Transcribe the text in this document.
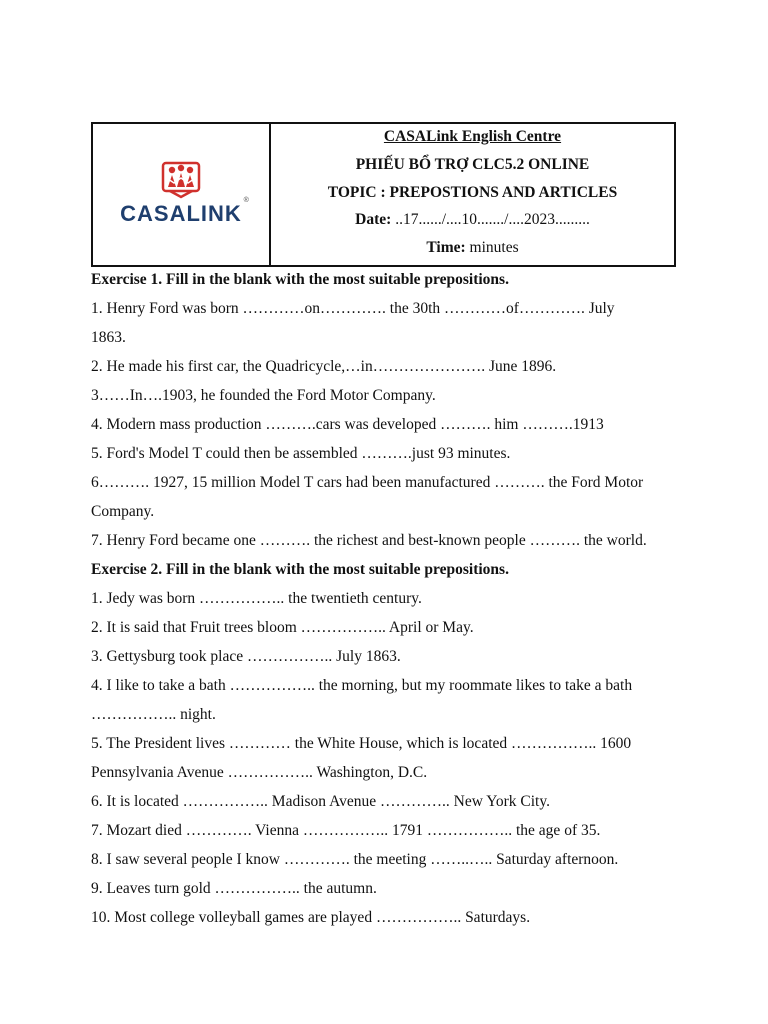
CASALINK
®
CASALink English Centre
PHIẾU BỔ TRỢ CLC5.2 ONLINE
TOPIC : PREPOSTIONS AND ARTICLES
Date: ..17....../....10......./....2023.........
Time: minutes
Exercise 1. Fill in the blank with the most suitable prepositions.
1. Henry Ford was born …………on…………. the 30th …………of…………. July
1863.
2. He made his first car, the Quadricycle,…in…………………. June 1896.
3……In….1903, he founded the Ford Motor Company.
4. Modern mass production ……….cars was developed ………. him ……….1913
5. Ford's Model T could then be assembled ……….just 93 minutes.
6………. 1927, 15 million Model T cars had been manufactured ………. the Ford Motor
Company.
7. Henry Ford became one ………. the richest and best-known people ………. the world.
Exercise 2. Fill in the blank with the most suitable prepositions.
1. Jedy was born …………….. the twentieth century.
2. It is said that Fruit trees bloom …………….. April or May.
3. Gettysburg took place …………….. July 1863.
4. I like to take a bath …………….. the morning, but my roommate likes to take a bath
…………….. night.
5. The President lives ………… the White House, which is located …………….. 1600
Pennsylvania Avenue …………….. Washington, D.C.
6. It is located …………….. Madison Avenue ………….. New York City.
7. Mozart died …………. Vienna …………….. 1791 …………….. the age of 35.
8. I saw several people I know …………. the meeting ……..….. Saturday afternoon.
9. Leaves turn gold …………….. the autumn.
10. Most college volleyball games are played …………….. Saturdays.
